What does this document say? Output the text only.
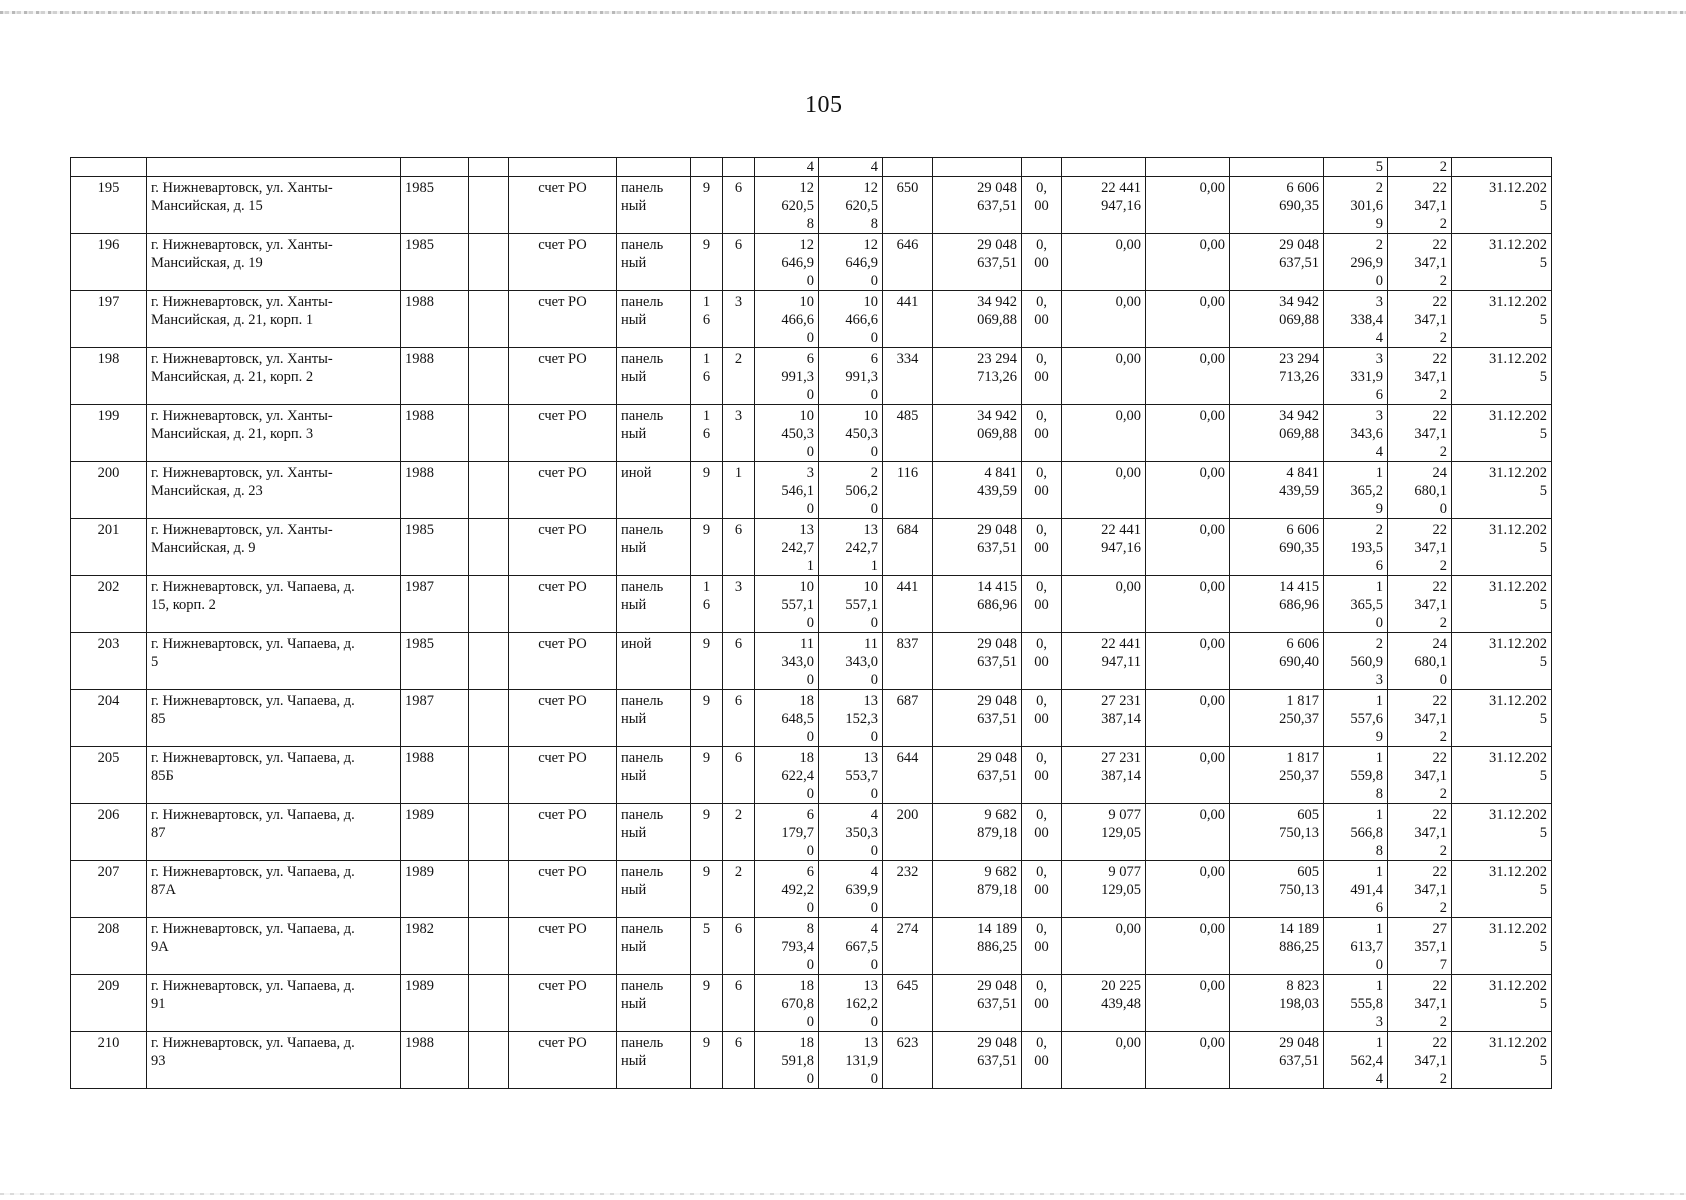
105
								4	4							5	2	
195	г. Нижневартовск, ул. Ханты-
Мансийская, д. 15	1985		счет РО	панель
ный	9	6	12
620,5
8	12
620,5
8	650	29 048
637,51	0,
00	22 441
947,16	0,00	6 606
690,35	2
301,6
9	22
347,1
2	31.12.202
5
196	г. Нижневартовск, ул. Ханты-
Мансийская, д. 19	1985		счет РО	панель
ный	9	6	12
646,9
0	12
646,9
0	646	29 048
637,51	0,
00	0,00	0,00	29 048
637,51	2
296,9
0	22
347,1
2	31.12.202
5
197	г. Нижневартовск, ул. Ханты-
Мансийская, д. 21, корп. 1	1988		счет РО	панель
ный	1
6	3	10
466,6
0	10
466,6
0	441	34 942
069,88	0,
00	0,00	0,00	34 942
069,88	3
338,4
4	22
347,1
2	31.12.202
5
198	г. Нижневартовск, ул. Ханты-
Мансийская, д. 21, корп. 2	1988		счет РО	панель
ный	1
6	2	6
991,3
0	6
991,3
0	334	23 294
713,26	0,
00	0,00	0,00	23 294
713,26	3
331,9
6	22
347,1
2	31.12.202
5
199	г. Нижневартовск, ул. Ханты-
Мансийская, д. 21, корп. 3	1988		счет РО	панель
ный	1
6	3	10
450,3
0	10
450,3
0	485	34 942
069,88	0,
00	0,00	0,00	34 942
069,88	3
343,6
4	22
347,1
2	31.12.202
5
200	г. Нижневартовск, ул. Ханты-
Мансийская, д. 23	1988		счет РО	иной	9	1	3
546,1
0	2
506,2
0	116	4 841
439,59	0,
00	0,00	0,00	4 841
439,59	1
365,2
9	24
680,1
0	31.12.202
5
201	г. Нижневартовск, ул. Ханты-
Мансийская, д. 9	1985		счет РО	панель
ный	9	6	13
242,7
1	13
242,7
1	684	29 048
637,51	0,
00	22 441
947,16	0,00	6 606
690,35	2
193,5
6	22
347,1
2	31.12.202
5
202	г. Нижневартовск, ул. Чапаева, д.
15, корп. 2	1987		счет РО	панель
ный	1
6	3	10
557,1
0	10
557,1
0	441	14 415
686,96	0,
00	0,00	0,00	14 415
686,96	1
365,5
0	22
347,1
2	31.12.202
5
203	г. Нижневартовск, ул. Чапаева, д.
5	1985		счет РО	иной	9	6	11
343,0
0	11
343,0
0	837	29 048
637,51	0,
00	22 441
947,11	0,00	6 606
690,40	2
560,9
3	24
680,1
0	31.12.202
5
204	г. Нижневартовск, ул. Чапаева, д.
85	1987		счет РО	панель
ный	9	6	18
648,5
0	13
152,3
0	687	29 048
637,51	0,
00	27 231
387,14	0,00	1 817
250,37	1
557,6
9	22
347,1
2	31.12.202
5
205	г. Нижневартовск, ул. Чапаева, д.
85Б	1988		счет РО	панель
ный	9	6	18
622,4
0	13
553,7
0	644	29 048
637,51	0,
00	27 231
387,14	0,00	1 817
250,37	1
559,8
8	22
347,1
2	31.12.202
5
206	г. Нижневартовск, ул. Чапаева, д.
87	1989		счет РО	панель
ный	9	2	6
179,7
0	4
350,3
0	200	9 682
879,18	0,
00	9 077
129,05	0,00	605
750,13	1
566,8
8	22
347,1
2	31.12.202
5
207	г. Нижневартовск, ул. Чапаева, д.
87А	1989		счет РО	панель
ный	9	2	6
492,2
0	4
639,9
0	232	9 682
879,18	0,
00	9 077
129,05	0,00	605
750,13	1
491,4
6	22
347,1
2	31.12.202
5
208	г. Нижневартовск, ул. Чапаева, д.
9А	1982		счет РО	панель
ный	5	6	8
793,4
0	4
667,5
0	274	14 189
886,25	0,
00	0,00	0,00	14 189
886,25	1
613,7
0	27
357,1
7	31.12.202
5
209	г. Нижневартовск, ул. Чапаева, д.
91	1989		счет РО	панель
ный	9	6	18
670,8
0	13
162,2
0	645	29 048
637,51	0,
00	20 225
439,48	0,00	8 823
198,03	1
555,8
3	22
347,1
2	31.12.202
5
210	г. Нижневартовск, ул. Чапаева, д.
93	1988		счет РО	панель
ный	9	6	18
591,8
0	13
131,9
0	623	29 048
637,51	0,
00	0,00	0,00	29 048
637,51	1
562,4
4	22
347,1
2	31.12.202
5
